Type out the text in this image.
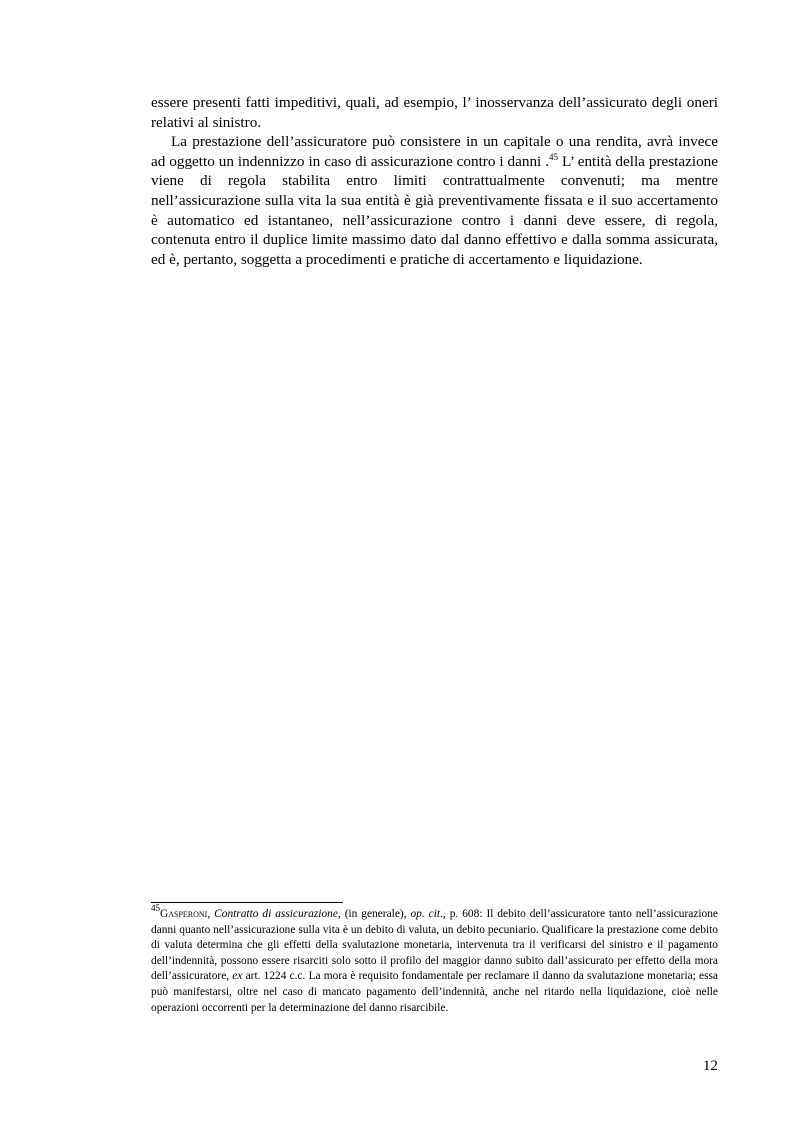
essere presenti fatti impeditivi, quali, ad esempio, l’ inosservanza dell’assicurato degli oneri relativi al sinistro.

La prestazione dell’assicuratore può consistere in un capitale o una rendita, avrà invece ad oggetto un indennizzo in caso di assicurazione contro i danni .$^{45}$ L’ entità della prestazione viene di regola stabilita entro limiti contrattualmente convenuti; ma mentre nell’assicurazione sulla vita la sua entità è già preventivamente fissata e il suo accertamento è automatico ed istantaneo, nell’assicurazione contro i danni deve essere, di regola, contenuta entro il duplice limite massimo dato dal danno effettivo e dalla somma assicurata, ed è, pertanto, soggetta a procedimenti e pratiche di accertamento e liquidazione.

$^{45}$Gasperoni, Contratto di assicurazione, (in generale), op. cit., p. 608: Il debito dell’assicuratore tanto nell’assicurazione danni quanto nell’assicurazione sulla vita è un debito di valuta, un debito pecuniario. Qualificare la prestazione come debito di valuta determina che gli effetti della svalutazione monetaria, intervenuta tra il verificarsi del sinistro e il pagamento dell’indennità, possono essere risarciti solo sotto il profilo del maggior danno subito dall’assicurato per effetto della mora dell’assicuratore, ex art. 1224 c.c. La mora è requisito fondamentale per reclamare il danno da svalutazione monetaria; essa può manifestarsi, oltre nel caso di mancato pagamento dell’indennità, anche nel ritardo nella liquidazione, cioè nelle operazioni occorrenti per la determinazione del danno risarcibile.

12
